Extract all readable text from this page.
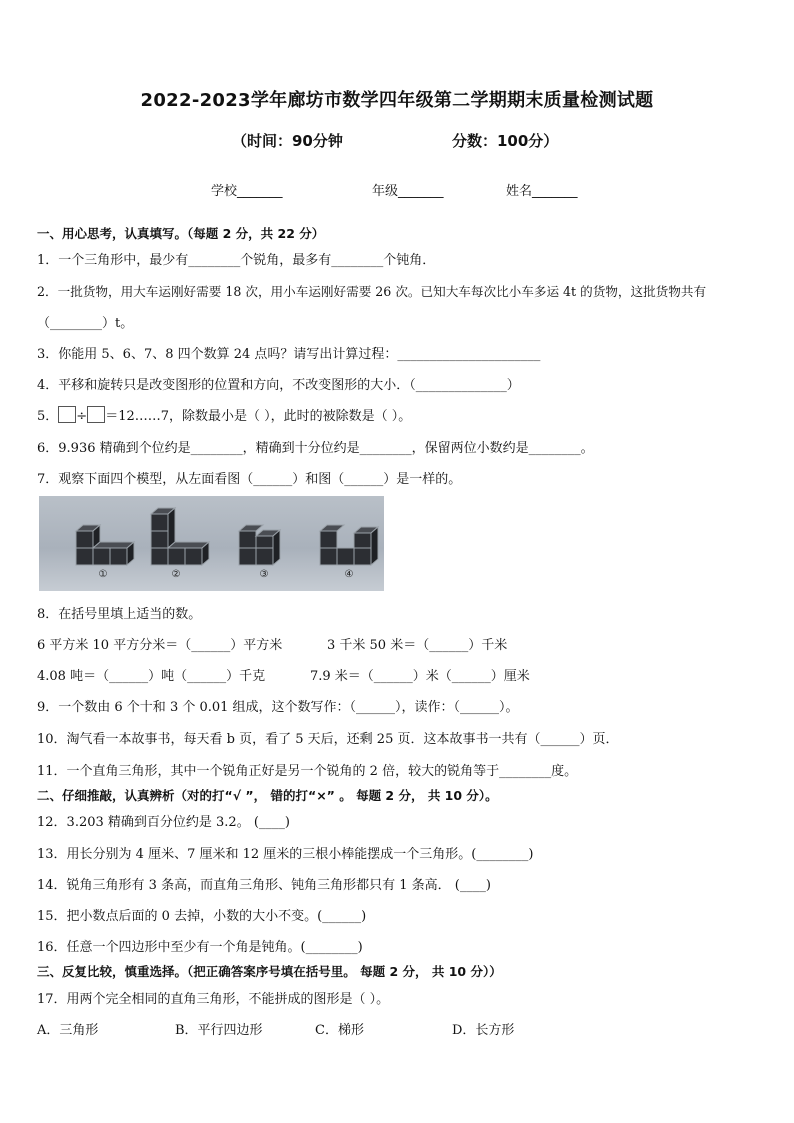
2022-2023学年廊坊市数学四年级第二学期期末质量检测试题
（时间：90分钟	分数：100分）
学校_______	年级_______	姓名_______
一、用心思考，认真填写。（每题 2 分，共 22 分）
1．一个三角形中，最少有________个锐角，最多有________个钝角．
2．一批货物，用大车运刚好需要 18 次，用小车运刚好需要 26 次。已知大车每次比小车多运 4t 的货物，这批货物共有
（________）t。
3．你能用 5、6、7、8 四个数算 24 点吗？请写出计算过程：______________________
4．平移和旋转只是改变图形的位置和方向，不改变图形的大小．（______________）
5． ÷ ＝12……7，除数最小是（ ），此时的被除数是（ ）。
6．9.936 精确到个位约是________，精确到十分位约是________，保留两位小数约是________。
7．观察下面四个模型，从左面看图（______）和图（______）是一样的。
①	②	③	④
8．在括号里填上适当的数。
6 平方米 10 平方分米＝（______）平方米	3 千米 50 米＝（______）千米
4.08 吨＝（______）吨（______）千克	7.9 米＝（______）米（______）厘米
9．一个数由 6 个十和 3 个 0.01 组成，这个数写作：（______），读作：（______）。
10．淘气看一本故事书，每天看 b 页，看了 5 天后，还剩 25 页．这本故事书一共有（______）页．
11．一个直角三角形，其中一个锐角正好是另一个锐角的 2 倍，较大的锐角等于________度。
二、仔细推敲，认真辨析（对的打“√ ”， 错的打“×” 。 每题 2 分， 共 10 分）。
12．3.203 精确到百分位约是 3.2。 (____)
13．用长分别为 4 厘米、7 厘米和 12 厘米的三根小棒能摆成一个三角形。(________)
14．锐角三角形有 3 条高，而直角三角形、钝角三角形都只有 1 条高． (____)
15．把小数点后面的 0 去掉，小数的大小不变。(______)
16．任意一个四边形中至少有一个角是钝角。(________)
三、反复比较，慎重选择。（把正确答案序号填在括号里。 每题 2 分， 共 10 分））
17．用两个完全相同的直角三角形，不能拼成的图形是（ ）。
A．三角形	B．平行四边形	C．梯形	D．长方形
